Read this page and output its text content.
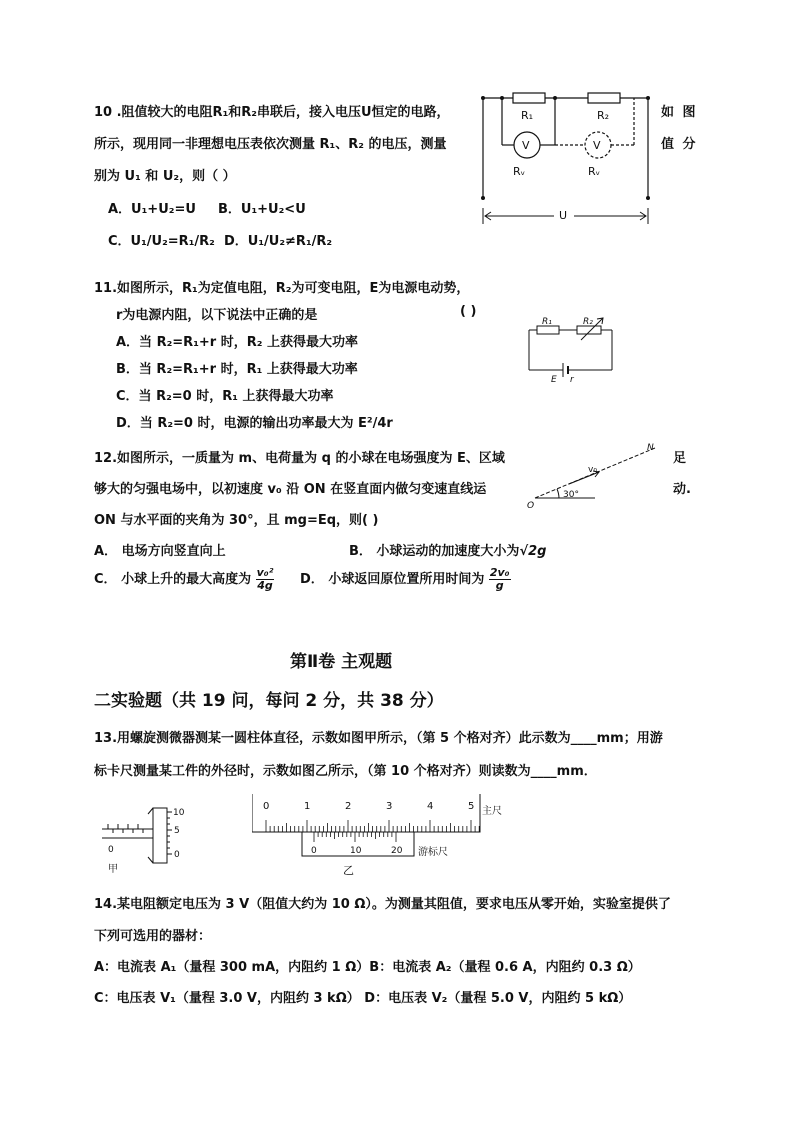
10 .阻值较大的电阻R₁和R₂串联后，接入电压U恒定的电路，	如 图
所示，现用同一非理想电压表依次测量 R₁、R₂ 的电压，测量	值 分
别为 U₁ 和 U₂，则（ ）
A．U₁+U₂=U B．U₁+U₂<U
C．U₁/U₂=R₁/R₂ D．U₁/U₂≠R₁/R₂
R₁	R₂
V	V
Rᵥ	Rᵥ
U
11.如图所示，R₁为定值电阻，R₂为可变电阻，E为电源电动势，
r为电源内阻，以下说法中正确的是	( )
A．当 R₂=R₁+r 时，R₂ 上获得最大功率
B．当 R₂=R₁+r 时，R₁ 上获得最大功率
C．当 R₂=0 时，R₁ 上获得最大功率
D．当 R₂=0 时，电源的输出功率最大为 E²/4r
R₁	R₂
E r
12.如图所示，一质量为 m、电荷量为 q 的小球在电场强度为 E、区域	足
够大的匀强电场中，以初速度 v₀ 沿 ON 在竖直面内做匀变速直线运	动.
ON 与水平面的夹角为 30°，且 mg=Eq，则( )
N
O
v₀
30°
A． 电场方向竖直向上	B． 小球运动的加速度大小为√2g
C． 小球上升的最大高度为 $\frac{\text{v₀²}}{4g}$ D． 小球返回原位置所用时间为 $\frac{\text{2v₀}}{g}$
第Ⅱ卷 主观题
二实验题（共 19 问，每问 2 分，共 38 分）
13.用螺旋测微器测某一圆柱体直径，示数如图甲所示，（第 5 个格对齐）此示数为____mm；用游
标卡尺测量某工件的外径时，示数如图乙所示，（第 10 个格对齐）则读数为____mm．
10
5
0
0
甲
0	1	2	3	4	5
0	10	20
主尺
游标尺
乙
14.某电阻额定电压为 3 V（阻值大约为 10 Ω）。为测量其阻值，要求电压从零开始，实验室提供了
下列可选用的器材：
A：电流表 A₁（量程 300 mA，内阻约 1 Ω）B：电流表 A₂（量程 0.6 A，内阻约 0.3 Ω）
C：电压表 V₁（量程 3.0 V，内阻约 3 kΩ） D：电压表 V₂（量程 5.0 V，内阻约 5 kΩ）
